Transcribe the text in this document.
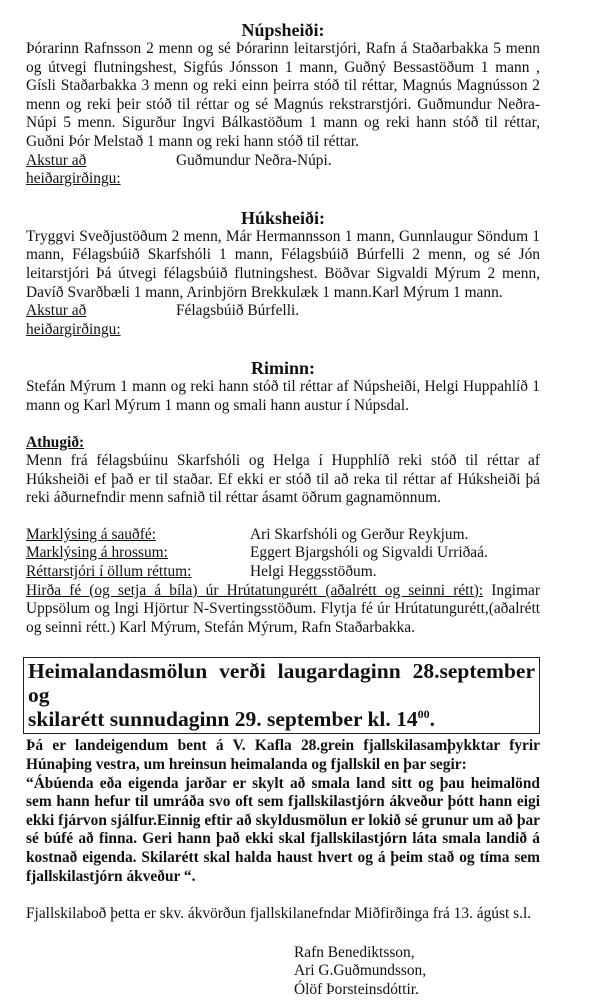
Núpsheiði:

Þórarinn Rafnsson 2 menn og sé Þórarinn leitarstjóri, Rafn á Staðarbakka 5 menn og útvegi flutningshest, Sigfús Jónsson 1 mann, Guðný Bessastöðum 1 mann , Gísli Staðarbakka 3 menn og reki einn þeirra stóð til réttar, Magnús Magnússon 2 menn og reki þeir stóð til réttar og sé Magnús rekstrarstjóri. Guðmundur Neðra-Núpi 5 menn. Sigurður Ingvi Bálkastöðum 1 mann og reki hann stóð til réttar, Guðni Þór Melstað 1 mann og reki hann stóð til réttar.

Akstur að heiðargirðingu:
Guðmundur Neðra-Núpi.
Húksheiði:

Tryggvi Sveðjustöðum 2 menn, Már Hermannsson 1 mann, Gunnlaugur Söndum 1 mann, Félagsbúið Skarfshóli 1 mann, Félagsbúið Búrfelli 2 menn, og sé Jón leitarstjóri Þá útvegi félagsbúið flutningshest. Böðvar Sigvaldi Mýrum 2 menn, Davíð Svarðbæli 1 mann, Arinbjörn Brekkulæk 1 mann.Karl Mýrum 1 mann.

Akstur að heiðargirðingu:
Félagsbúið Búrfelli.
Riminn:

Stefán Mýrum 1 mann og reki hann stóð til réttar af Núpsheiði, Helgi Huppahlíð 1 mann og Karl Mýrum 1 mann og smali hann austur í Núpsdal.

Athugið:

Menn frá félagsbúinu Skarfshóli og Helga í Hupphlíð reki stóð til réttar af Húksheiði ef það er til staðar. Ef ekki er stóð til að reka til réttar af Húksheiði þá reki áðurnefndir menn safnið til réttar ásamt öðrum gagnamönnum.

Marklýsing á sauðfé:	Ari Skarfshóli og Gerður Reykjum.
Marklýsing á hrossum:	Eggert Bjargshóli og Sigvaldi Urriðaá.
Réttarstjóri í öllum réttum:	Helgi Heggsstöðum.

Hirða fé (og setja á bíla) úr Hrútatungurétt (aðalrétt og seinni rétt): Ingimar Uppsölum og Ingi Hjörtur N-Svertingsstöðum. Flytja fé úr Hrútatungurétt,(aðalrétt og seinni rétt.) Karl Mýrum, Stefán Mýrum, Rafn Staðarbakka.

Heimalandasmölun verði laugardaginn 28.september og
skilarétt sunnudaginn 29. september kl. $14^{00}$.

Þá er landeigendum bent á V. Kafla 28.grein fjallskilasamþykktar fyrir Húnaþing vestra, um hreinsun heimalanda og fjallskil en þar segir:

“Ábúenda eða eigenda jarðar er skylt að smala land sitt og þau heimalönd sem hann hefur til umráða svo oft sem fjallskilastjórn ákveður þótt hann eigi ekki fjárvon sjálfur.Einnig eftir að skyldusmölun er lokið sé grunur um að þar sé búfé að finna. Geri hann það ekki skal fjallskilastjórn láta smala landið á kostnað eigenda. Skilarétt skal halda haust hvert og á þeim stað og tíma sem fjallskilastjórn ákveður “.

Fjallskilaboð þetta er skv. ákvörðun fjallskilanefndar Miðfirðinga frá 13. ágúst s.l.

Rafn Benediktsson,
Ari G.Guðmundsson,
Ólöf Þorsteinsdóttir.
